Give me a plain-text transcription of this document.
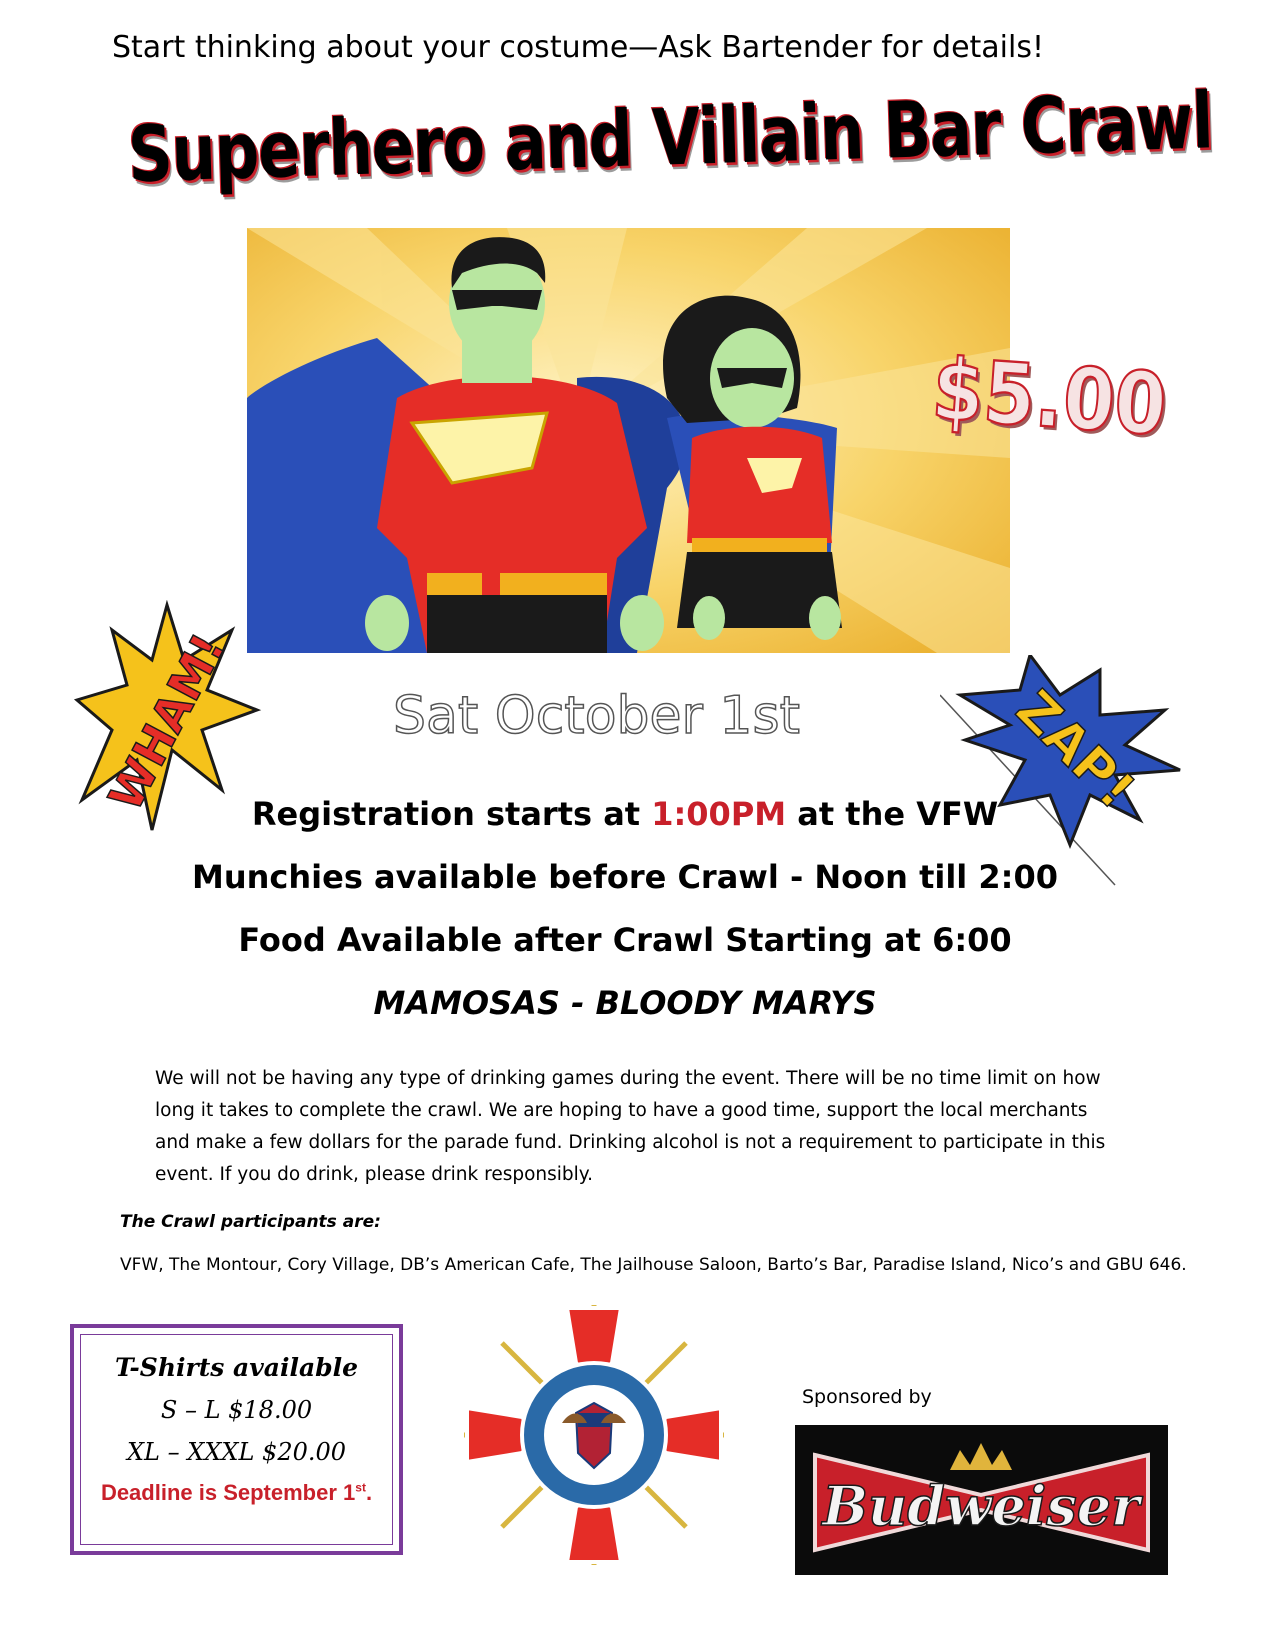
Start thinking about your costume—Ask Bartender for details!
Superhero and Villain Bar Crawl
$5.00
WHAM!	ZAP!
Sat October 1st
Registration starts at 1:00PM at the VFW
Munchies available before Crawl - Noon till 2:00
Food Available after Crawl Starting at 6:00
MAMOSAS - BLOODY MARYS
We will not be having any type of drinking games during the event. There will be no time limit on how long it takes to complete the crawl. We are hoping to have a good time, support the local merchants and make a few dollars for the parade fund. Drinking alcohol is not a requirement to participate in this event. If you do drink, please drink responsibly.
The Crawl participants are:
VFW, The Montour, Cory Village, DB’s American Cafe, The Jailhouse Saloon, Barto’s Bar, Paradise Island, Nico’s and GBU 646.
T-Shirts available
S – L $18.00
XL – XXXL $20.00
Deadline is September 1st.
Sponsored by
Budweiser
